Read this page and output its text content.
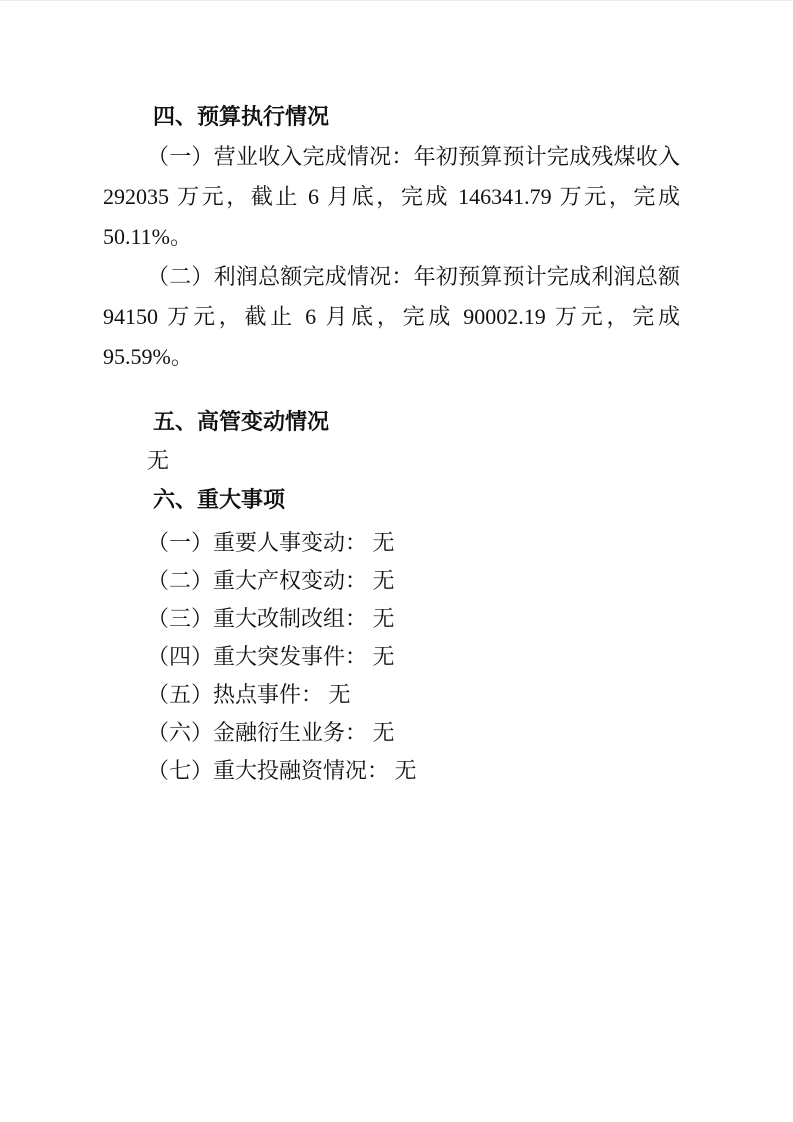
四、预算执行情况

（一）营业收入完成情况：年初预算预计完成残煤收入 292035 万元，截止 6 月底，完成 146341.79 万元，完成 50.11%。

（二）利润总额完成情况：年初预算预计完成利润总额 94150 万元，截止 6 月底，完成 90002.19 万元，完成 95.59%。

五、高管变动情况

无

六、重大事项

（一）重要人事变动： 无

（二）重大产权变动： 无

（三）重大改制改组： 无

（四）重大突发事件： 无

（五）热点事件： 无

（六）金融衍生业务： 无

（七）重大投融资情况： 无
